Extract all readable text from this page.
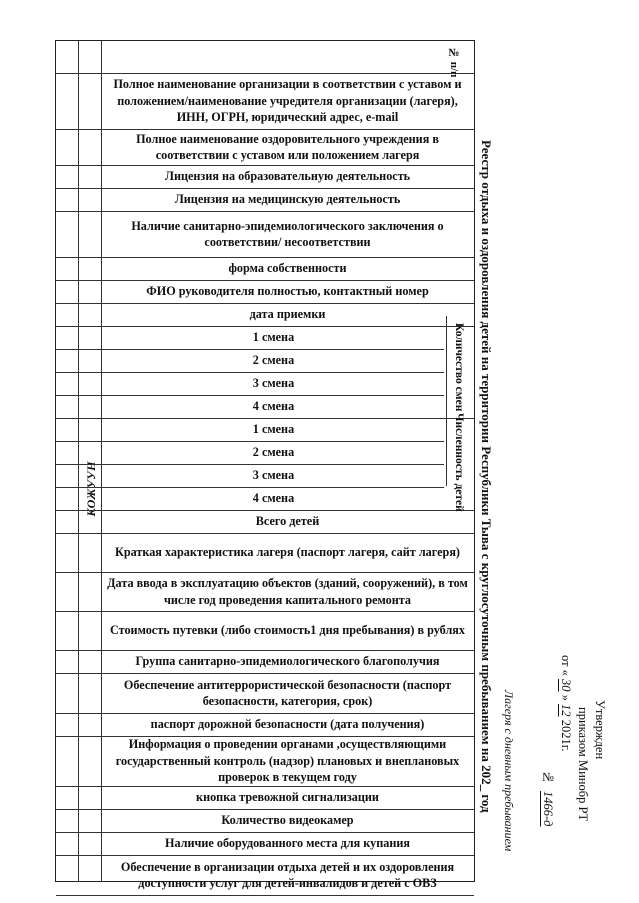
Утвержден
приказом Минобр РТ
от « 30 » 12 2021г.
№ 1466-д
Лагеря с дневным пребыванием
Реестр отдыха и оздоровления детей на территории Республики Тыва с круглосуточным пребыванием на 202_ год
№ п/п
КОЖУУН
Полное наименование организации в соответствии с уставом и положением/наименование учредителя организации (лагеря), ИНН, ОГРН, юридический адрес, e-mail
Полное наименование оздоровительного учреждения в соответствии с уставом или положением лагеря
Лицензия на образовательную деятельность
Лицензия на медицинскую деятельность
Наличие санитарно-эпидемиологического заключения о соответствии/ несоответствии
форма собственности
ФИО руководителя полностью, контактный номер
дата приемки
1 смена
2 смена
3 смена
4 смена
1 смена
2 смена
3 смена
4 смена
Всего детей
Краткая характеристика лагеря (паспорт лагеря, сайт лагеря)
Дата ввода в эксплуатацию объектов (зданий, сооружений), в том числе год проведения капитального ремонта
Стоимость путевки (либо стоимость1 дня пребывания) в рублях
Группа санитарно-эпидемиологического благополучия
Обеспечение антитеррористической безопасности (паспорт безопасности, категория, срок)
паспорт дорожной безопасности (дата получения)
Информация о проведении органами ,осуществляющими государственный контроль (надзор) плановых и внеплановых проверок в текущем году
кнопка тревожной сигнализации
Количество видеокамер
Наличие оборудованного места для купания
Обеспечение в организации отдыха детей и их оздоровления доступности услуг для детей-инвалидов и детей с ОВЗ
Количество смен
Численность детей
